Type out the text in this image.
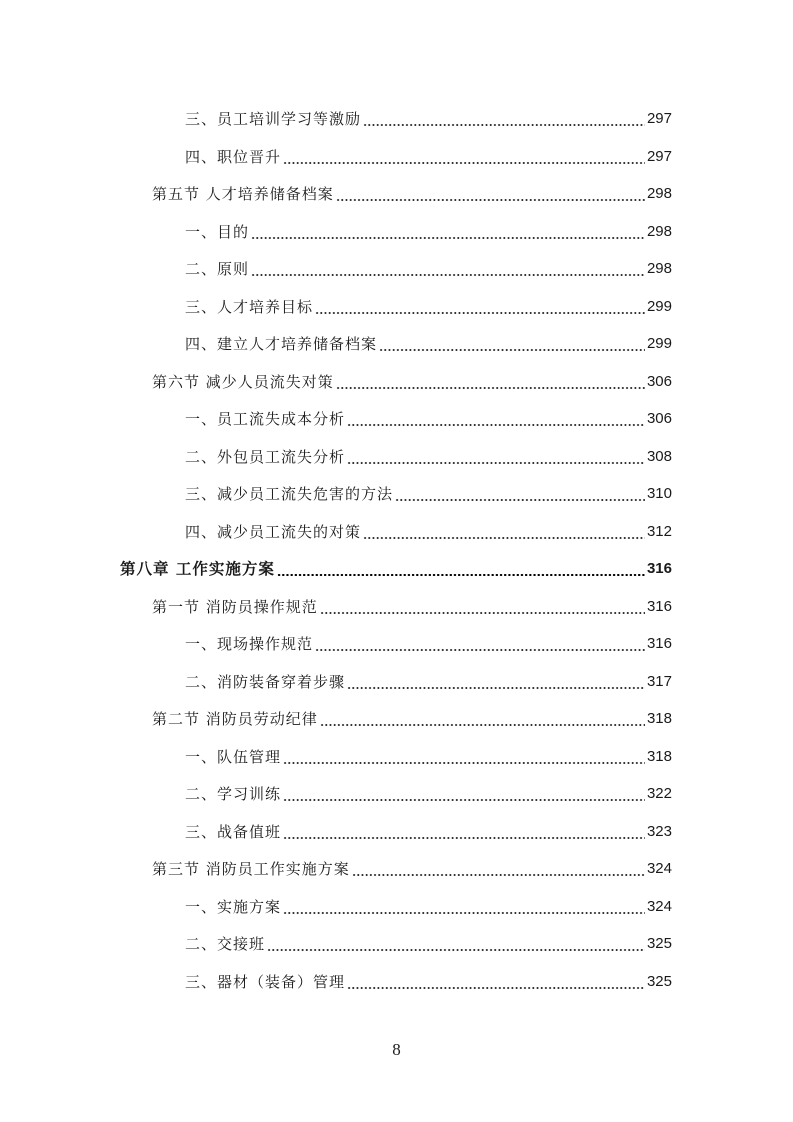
三、员工培训学习等激励	297
四、职位晋升	297
第五节 人才培养储备档案	298
一、目的	298
二、原则	298
三、人才培养目标	299
四、建立人才培养储备档案	299
第六节 减少人员流失对策	306
一、员工流失成本分析	306
二、外包员工流失分析	308
三、减少员工流失危害的方法	310
四、减少员工流失的对策	312
第八章 工作实施方案	316
第一节 消防员操作规范	316
一、现场操作规范	316
二、消防装备穿着步骤	317
第二节 消防员劳动纪律	318
一、队伍管理	318
二、学习训练	322
三、战备值班	323
第三节 消防员工作实施方案	324
一、实施方案	324
二、交接班	325
三、器材（装备）管理	325
8
